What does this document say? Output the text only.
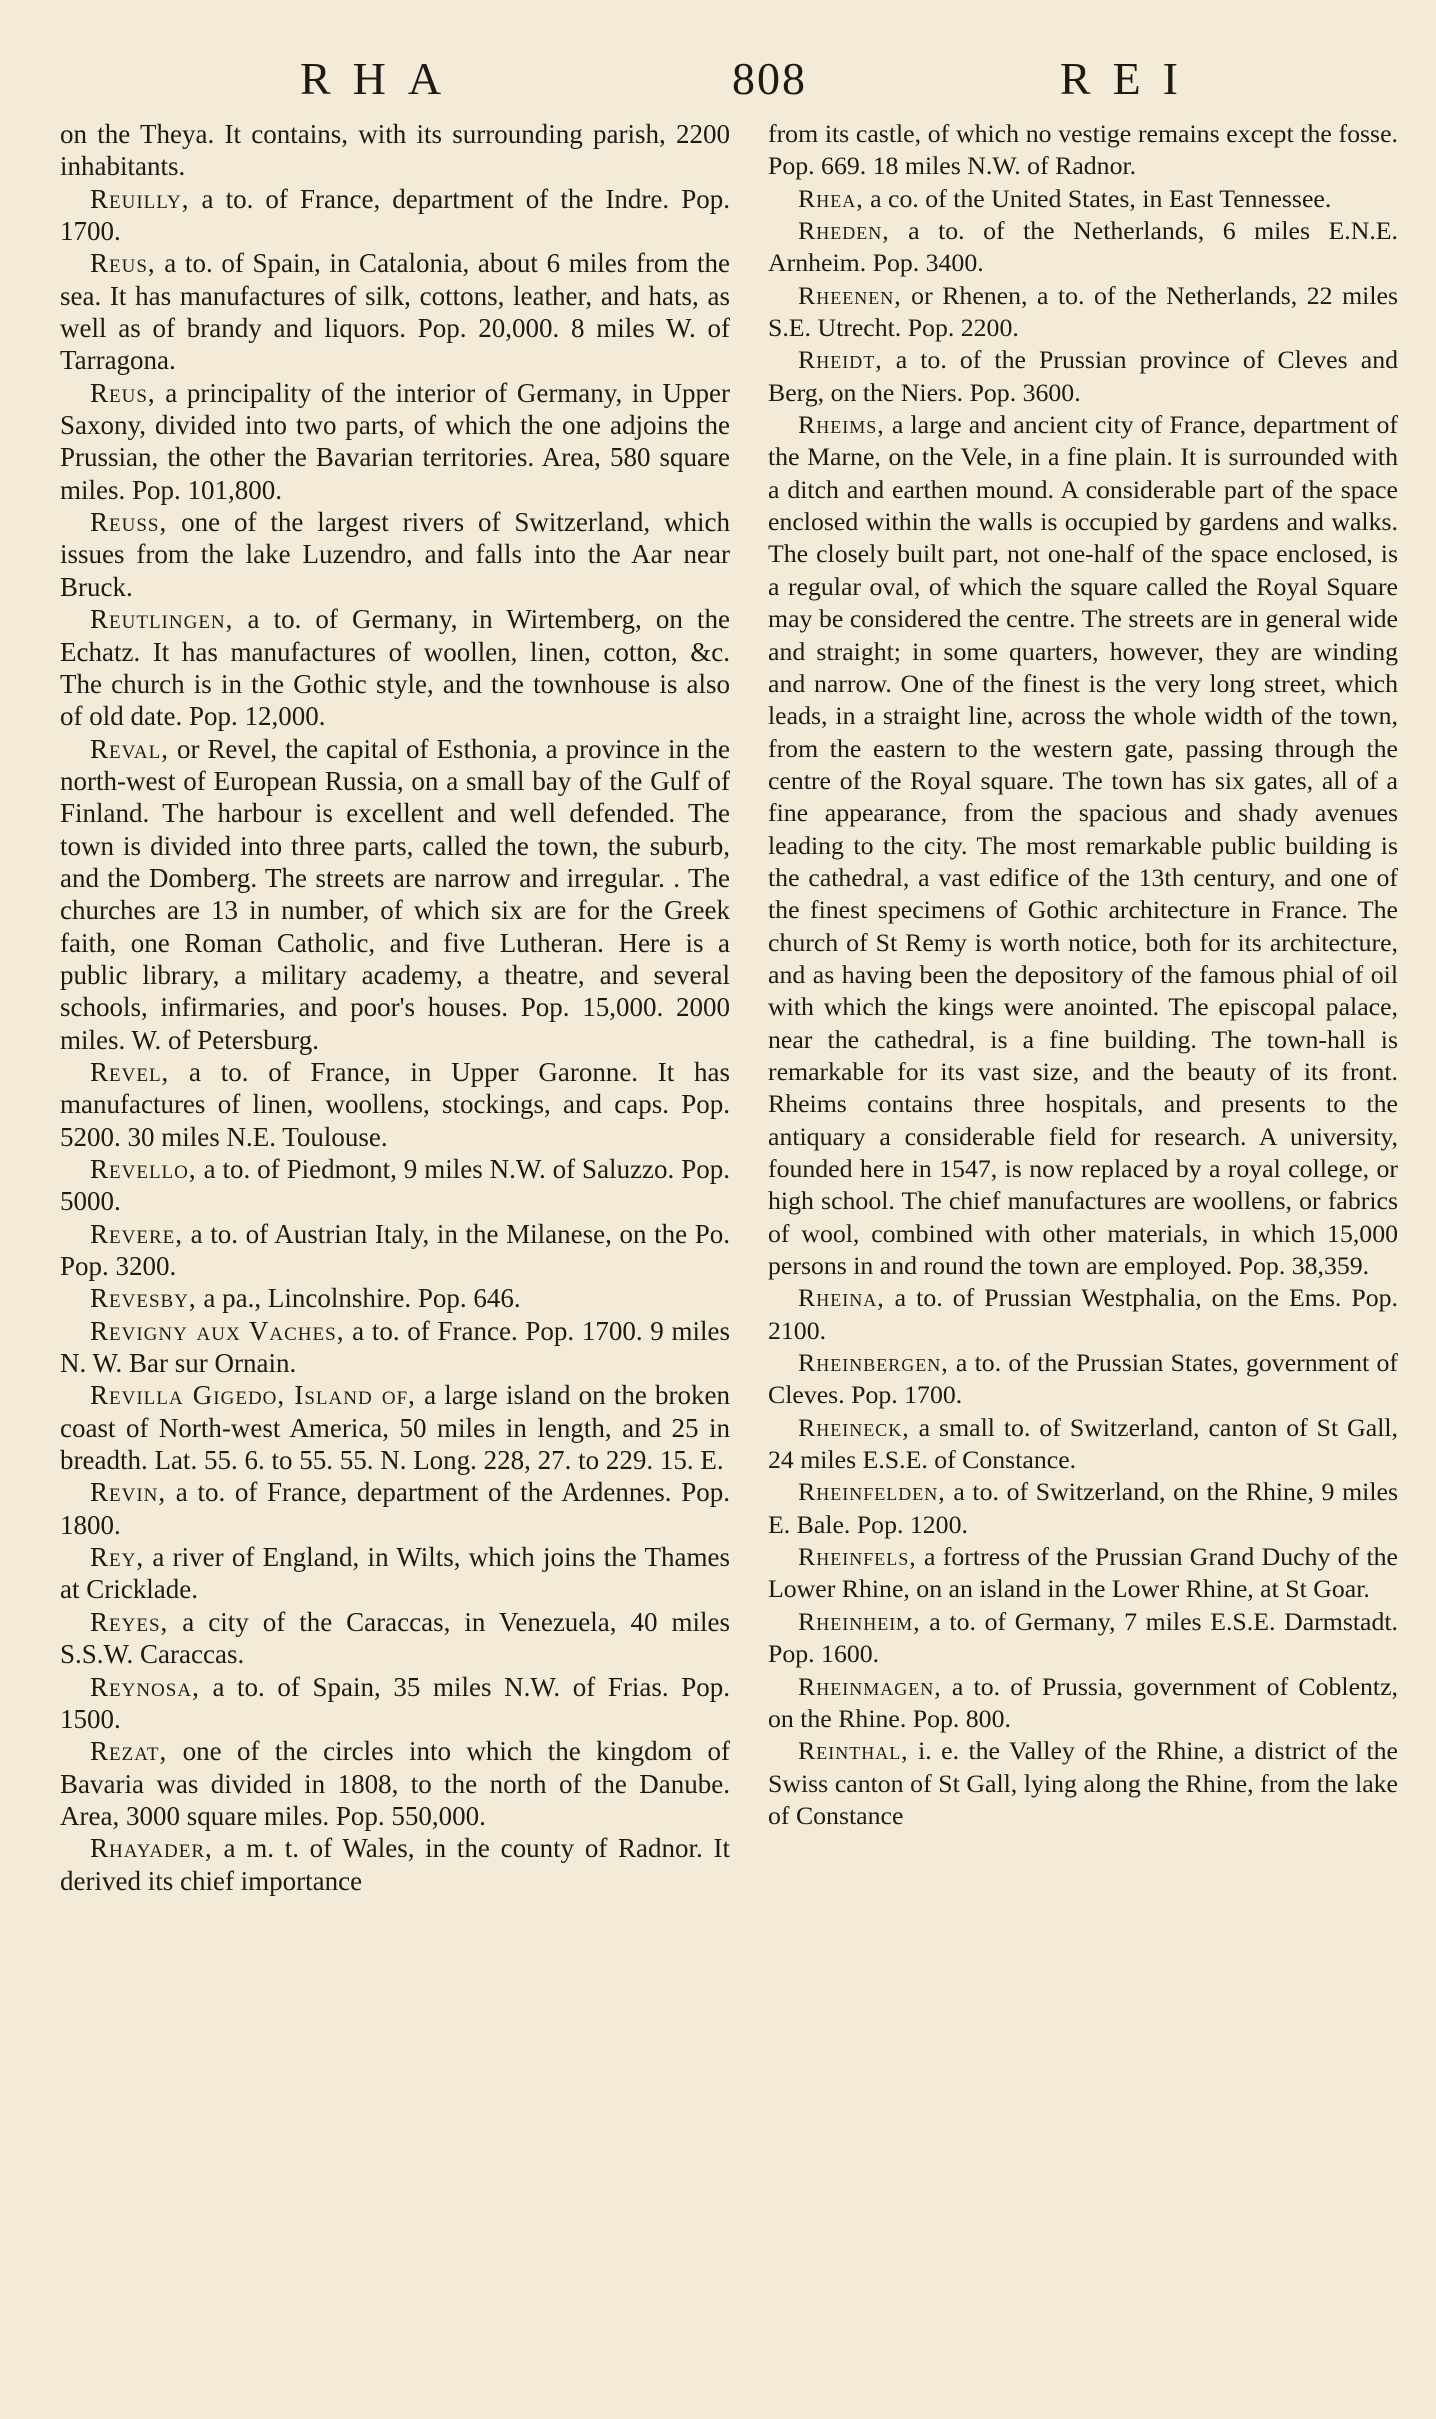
RHA	808	REI

on the Theya. It contains, with its surrounding parish, 2200 inhabitants.

Reuilly, a to. of France, department of the Indre. Pop. 1700.

Reus, a to. of Spain, in Catalonia, about 6 miles from the sea. It has manufactures of silk, cottons, leather, and hats, as well as of brandy and liquors. Pop. 20,000. 8 miles W. of Tarragona.

Reus, a principality of the interior of Germany, in Upper Saxony, divided into two parts, of which the one adjoins the Prussian, the other the Bavarian territories. Area, 580 square miles. Pop. 101,800.

Reuss, one of the largest rivers of Switzerland, which issues from the lake Luzendro, and falls into the Aar near Bruck.

Reutlingen, a to. of Germany, in Wirtemberg, on the Echatz. It has manufactures of woollen, linen, cotton, &c. The church is in the Gothic style, and the townhouse is also of old date. Pop. 12,000.

Reval, or Revel, the capital of Esthonia, a province in the north-west of European Russia, on a small bay of the Gulf of Finland. The harbour is excellent and well defended. The town is divided into three parts, called the town, the suburb, and the Domberg. The streets are narrow and irregular. . The churches are 13 in number, of which six are for the Greek faith, one Roman Catholic, and five Lutheran. Here is a public library, a military academy, a theatre, and several schools, infirmaries, and poor's houses. Pop. 15,000. 2000 miles. W. of Petersburg.

Revel, a to. of France, in Upper Garonne. It has manufactures of linen, woollens, stockings, and caps. Pop. 5200. 30 miles N.E. Toulouse.

Revello, a to. of Piedmont, 9 miles N.W. of Saluzzo. Pop. 5000.

Revere, a to. of Austrian Italy, in the Milanese, on the Po. Pop. 3200.

Revesby, a pa., Lincolnshire. Pop. 646.

Revigny aux Vaches, a to. of France. Pop. 1700. 9 miles N. W. Bar sur Ornain.

Revilla Gigedo, Island of, a large island on the broken coast of North-west America, 50 miles in length, and 25 in breadth. Lat. 55. 6. to 55. 55. N. Long. 228, 27. to 229. 15. E.

Revin, a to. of France, department of the Ardennes. Pop. 1800.

Rey, a river of England, in Wilts, which joins the Thames at Cricklade.

Reyes, a city of the Caraccas, in Venezuela, 40 miles S.S.W. Caraccas.

Reynosa, a to. of Spain, 35 miles N.W. of Frias. Pop. 1500.

Rezat, one of the circles into which the kingdom of Bavaria was divided in 1808, to the north of the Danube. Area, 3000 square miles. Pop. 550,000.

Rhayader, a m. t. of Wales, in the county of Radnor. It derived its chief importance

from its castle, of which no vestige remains except the fosse. Pop. 669. 18 miles N.W. of Radnor.

Rhea, a co. of the United States, in East Tennessee.

Rheden, a to. of the Netherlands, 6 miles E.N.E. Arnheim. Pop. 3400.

Rheenen, or Rhenen, a to. of the Netherlands, 22 miles S.E. Utrecht. Pop. 2200.

Rheidt, a to. of the Prussian province of Cleves and Berg, on the Niers. Pop. 3600.

Rheims, a large and ancient city of France, department of the Marne, on the Vele, in a fine plain. It is surrounded with a ditch and earthen mound. A considerable part of the space enclosed within the walls is occupied by gardens and walks. The closely built part, not one-half of the space enclosed, is a regular oval, of which the square called the Royal Square may be considered the centre. The streets are in general wide and straight; in some quarters, however, they are winding and narrow. One of the finest is the very long street, which leads, in a straight line, across the whole width of the town, from the eastern to the western gate, passing through the centre of the Royal square. The town has six gates, all of a fine appearance, from the spacious and shady avenues leading to the city. The most remarkable public building is the cathedral, a vast edifice of the 13th century, and one of the finest specimens of Gothic architecture in France. The church of St Remy is worth notice, both for its architecture, and as having been the depository of the famous phial of oil with which the kings were anointed. The episcopal palace, near the cathedral, is a fine building. The town-hall is remarkable for its vast size, and the beauty of its front. Rheims contains three hospitals, and presents to the antiquary a considerable field for research. A university, founded here in 1547, is now replaced by a royal college, or high school. The chief manufactures are woollens, or fabrics of wool, combined with other materials, in which 15,000 persons in and round the town are employed. Pop. 38,359.

Rheina, a to. of Prussian Westphalia, on the Ems. Pop. 2100.

Rheinbergen, a to. of the Prussian States, government of Cleves. Pop. 1700.

Rheineck, a small to. of Switzerland, canton of St Gall, 24 miles E.S.E. of Constance.

Rheinfelden, a to. of Switzerland, on the Rhine, 9 miles E. Bale. Pop. 1200.

Rheinfels, a fortress of the Prussian Grand Duchy of the Lower Rhine, on an island in the Lower Rhine, at St Goar.

Rheinheim, a to. of Germany, 7 miles E.S.E. Darmstadt. Pop. 1600.

Rheinmagen, a to. of Prussia, government of Coblentz, on the Rhine. Pop. 800.

Reinthal, i. e. the Valley of the Rhine, a district of the Swiss canton of St Gall, lying along the Rhine, from the lake of Constance
